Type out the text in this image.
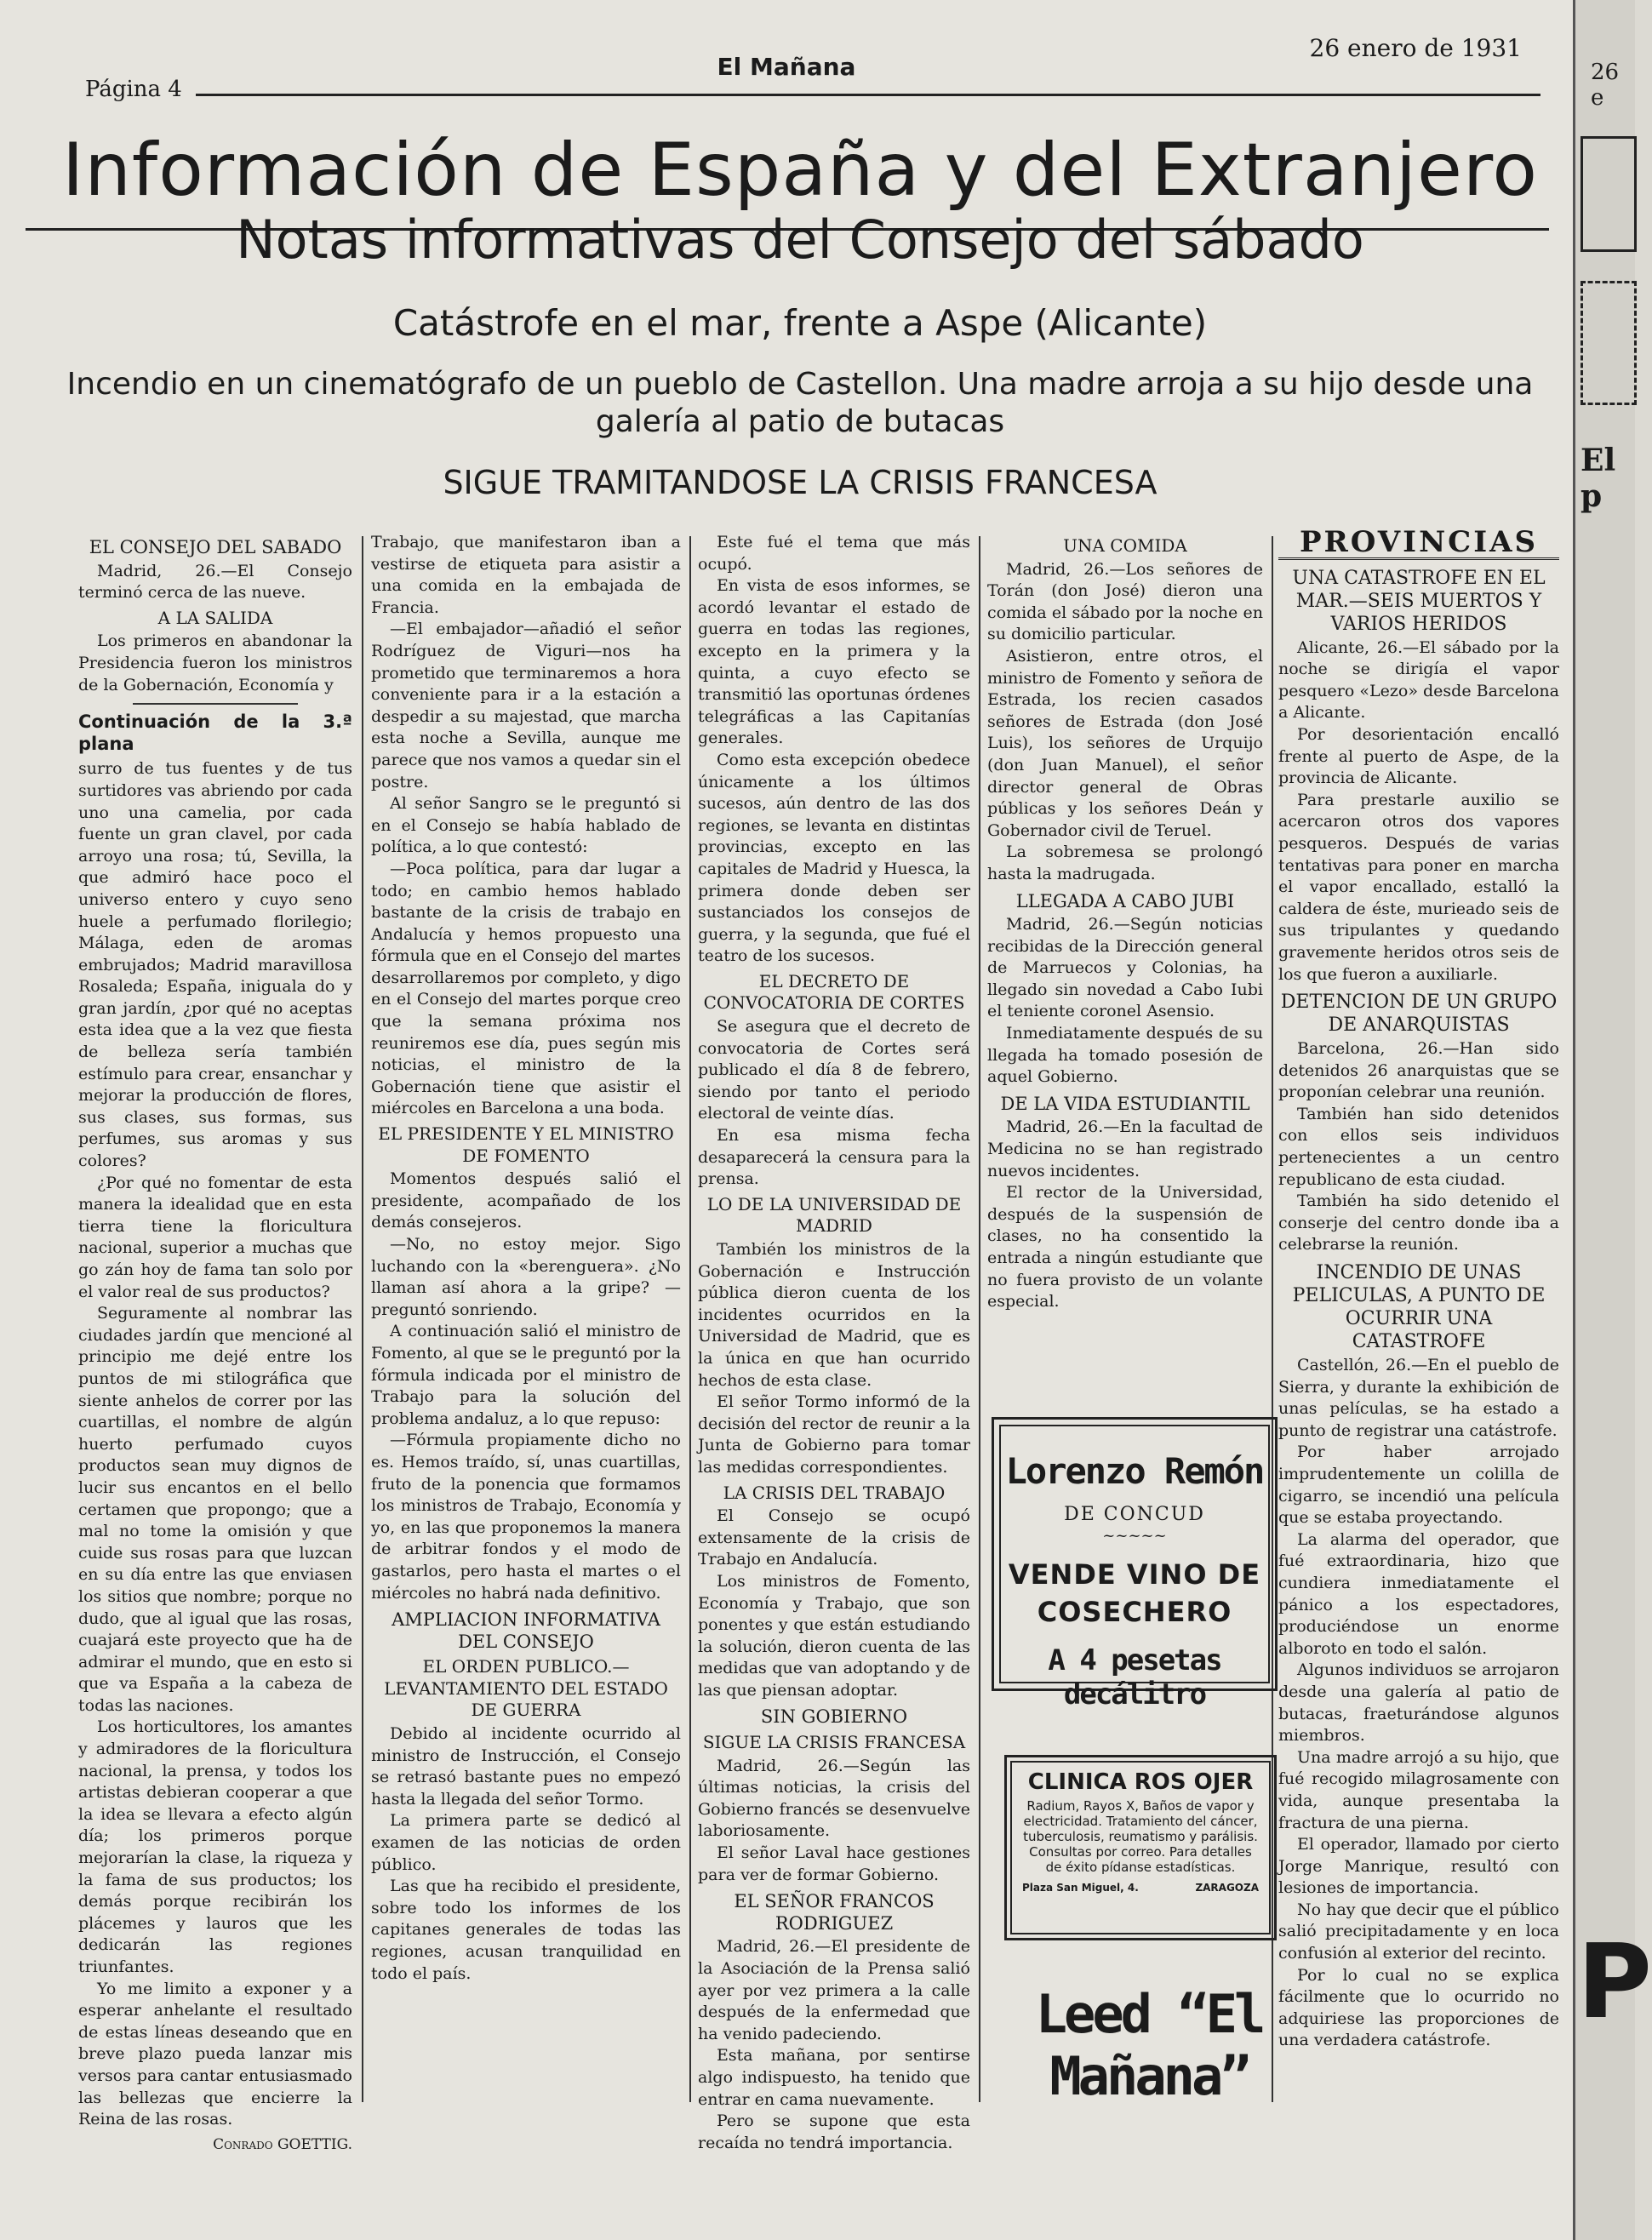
Página 4
El Mañana
26 enero de 1931
Información de España y del Extranjero
Notas informativas del Consejo del sábado
Catástrofe en el mar, frente a Aspe (Alicante)
Incendio en un cinematógrafo de un pueblo de Castellon. Una madre arroja a su hijo desde una galería al patio de butacas
SIGUE TRAMITANDOSE LA CRISIS FRANCESA

EL CONSEJO DEL SABADO

Madrid, 26.—El Consejo terminó cerca de las nueve.

A LA SALIDA

Los primeros en abandonar la Presidencia fueron los ministros de la Gobernación, Economía y

Continuación de la 3.ª plana

surro de tus fuentes y de tus surtidores vas abriendo por cada uno una camelia, por cada fuente un gran clavel, por cada arroyo una rosa; tú, Sevilla, la que admiró hace poco el universo entero y cuyo seno huele a perfumado florilegio; Málaga, eden de aromas embrujados; Madrid maravillosa Rosaleda; España, iniguala do y gran jardín, ¿por qué no aceptas esta idea que a la vez que fiesta de belleza sería también estímulo para crear, ensanchar y mejorar la producción de flores, sus clases, sus formas, sus perfumes, sus aromas y sus colores?

¿Por qué no fomentar de esta manera la idealidad que en esta tierra tiene la floricultura nacional, superior a muchas que go zán hoy de fama tan solo por el valor real de sus productos?

Seguramente al nombrar las ciudades jardín que mencioné al principio me dejé entre los puntos de mi stilográfica que siente anhelos de correr por las cuartillas, el nombre de algún huerto perfumado cuyos productos sean muy dignos de lucir sus encantos en el bello certamen que propongo; que a mal no tome la omisión y que cuide sus rosas para que luzcan en su día entre las que enviasen los sitios que nombre; porque no dudo, que al igual que las rosas, cuajará este proyecto que ha de admirar el mundo, que en esto si que va España a la cabeza de todas las naciones.

Los horticultores, los amantes y admiradores de la floricultura nacional, la prensa, y todos los artistas debieran cooperar a que la idea se llevara a efecto algún día; los primeros porque mejorarían la clase, la riqueza y la fama de sus productos; los demás porque recibirán los plácemes y lauros que les dedicarán las regiones triunfantes.

Yo me limito a exponer y a esperar anhelante el resultado de estas líneas deseando que en breve plazo pueda lanzar mis versos para cantar entusiasmado las bellezas que encierre la Reina de las rosas.

Conrado GOETTIG.

Trabajo, que manifestaron iban a vestirse de etiqueta para asistir a una comida en la embajada de Francia.

—El embajador—añadió el señor Rodríguez de Viguri—nos ha prometido que terminaremos a hora conveniente para ir a la estación a despedir a su majestad, que marcha esta noche a Sevilla, aunque me parece que nos vamos a quedar sin el postre.

Al señor Sangro se le preguntó si en el Consejo se había hablado de política, a lo que contestó:

—Poca política, para dar lugar a todo; en cambio hemos hablado bastante de la crisis de trabajo en Andalucía y hemos propuesto una fórmula que en el Consejo del martes desarrollaremos por completo, y digo en el Consejo del martes porque creo que la semana próxima nos reuniremos ese día, pues según mis noticias, el ministro de la Gobernación tiene que asistir el miércoles en Barcelona a una boda.

EL PRESIDENTE Y EL MINISTRO DE FOMENTO

Momentos después salió el presidente, acompañado de los demás consejeros.

—No, no estoy mejor. Sigo luchando con la «berenguera». ¿No llaman así ahora a la gripe? —preguntó sonriendo.

A continuación salió el ministro de Fomento, al que se le preguntó por la fórmula indicada por el ministro de Trabajo para la solución del problema andaluz, a lo que repuso:

—Fórmula propiamente dicho no es. Hemos traído, sí, unas cuartillas, fruto de la ponencia que formamos los ministros de Trabajo, Economía y yo, en las que proponemos la manera de arbitrar fondos y el modo de gastarlos, pero hasta el martes o el miércoles no habrá nada definitivo.

AMPLIACION INFORMATIVA DEL CONSEJO

EL ORDEN PUBLICO.—LEVANTAMIENTO DEL ESTADO DE GUERRA

Debido al incidente ocurrido al ministro de Instrucción, el Consejo se retrasó bastante pues no empezó hasta la llegada del señor Tormo.

La primera parte se dedicó al examen de las noticias de orden público.

Las que ha recibido el presidente, sobre todo los informes de los capitanes generales de todas las regiones, acusan tranquilidad en todo el país.

Este fué el tema que más ocupó.

En vista de esos informes, se acordó levantar el estado de guerra en todas las regiones, excepto en la primera y la quinta, a cuyo efecto se transmitió las oportunas órdenes telegráficas a las Capitanías generales.

Como esta excepción obedece únicamente a los últimos sucesos, aún dentro de las dos regiones, se levanta en distintas provincias, excepto en las capitales de Madrid y Huesca, la primera donde deben ser sustanciados los consejos de guerra, y la segunda, que fué el teatro de los sucesos.

EL DECRETO DE CONVOCATORIA DE CORTES

Se asegura que el decreto de convocatoria de Cortes será publicado el día 8 de febrero, siendo por tanto el periodo electoral de veinte días.

En esa misma fecha desaparecerá la censura para la prensa.

LO DE LA UNIVERSIDAD DE MADRID

También los ministros de la Gobernación e Instrucción pública dieron cuenta de los incidentes ocurridos en la Universidad de Madrid, que es la única en que han ocurrido hechos de esta clase.

El señor Tormo informó de la decisión del rector de reunir a la Junta de Gobierno para tomar las medidas correspondientes.

LA CRISIS DEL TRABAJO

El Consejo se ocupó extensamente de la crisis de Trabajo en Andalucía.

Los ministros de Fomento, Economía y Trabajo, que son ponentes y que están estudiando la solución, dieron cuenta de las medidas que van adoptando y de las que piensan adoptar.

SIN GOBIERNO

SIGUE LA CRISIS FRANCESA

Madrid, 26.—Según las últimas noticias, la crisis del Gobierno francés se desenvuelve laboriosamente.

El señor Laval hace gestiones para ver de formar Gobierno.

EL SEÑOR FRANCOS RODRIGUEZ

Madrid, 26.—El presidente de la Asociación de la Prensa salió ayer por vez primera a la calle después de la enfermedad que ha venido padeciendo.

Esta mañana, por sentirse algo indispuesto, ha tenido que entrar en cama nuevamente.

Pero se supone que esta recaída no tendrá importancia.

UNA COMIDA

Madrid, 26.—Los señores de Torán (don José) dieron una comida el sábado por la noche en su domicilio particular.

Asistieron, entre otros, el ministro de Fomento y señora de Estrada, los recien casados señores de Estrada (don José Luis), los señores de Urquijo (don Juan Manuel), el señor director general de Obras públicas y los señores Deán y Gobernador civil de Teruel.

La sobremesa se prolongó hasta la madrugada.

LLEGADA A CABO JUBI

Madrid, 26.—Según noticias recibidas de la Dirección general de Marruecos y Colonias, ha llegado sin novedad a Cabo Iubi el teniente coronel Asensio.

Inmediatamente después de su llegada ha tomado posesión de aquel Gobierno.

DE LA VIDA ESTUDIANTIL

Madrid, 26.—En la facultad de Medicina no se han registrado nuevos incidentes.

El rector de la Universidad, después de la suspensión de clases, no ha consentido la entrada a ningún estudiante que no fuera provisto de un volante especial.

Lorenzo Remón
DE CONCUD
~~~~~
VENDE VINO DE
COSECHERO
A 4 pesetas decálitro
CLINICA ROS OJER
Radium, Rayos X, Baños de vapor y electricidad. Tratamiento del cáncer, tuberculosis, reumatismo y parálisis. Consultas por correo. Para detalles de éxito pídanse estadísticas.
Plaza San Miguel, 4.	ZARAGOZA
Leed “El Mañana”

PROVINCIAS

UNA CATASTROFE EN EL MAR.—SEIS MUERTOS Y VARIOS HERIDOS

Alicante, 26.—El sábado por la noche se dirigía el vapor pesquero «Lezo» desde Barcelona a Alicante.

Por desorientación encalló frente al puerto de Aspe, de la provincia de Alicante.

Para prestarle auxilio se acercaron otros dos vapores pesqueros. Después de varias tentativas para poner en marcha el vapor encallado, estalló la caldera de éste, murieado seis de sus tripulantes y quedando gravemente heridos otros seis de los que fueron a auxiliarle.

DETENCION DE UN GRUPO DE ANARQUISTAS

Barcelona, 26.—Han sido detenidos 26 anarquistas que se proponían celebrar una reunión.

También han sido detenidos con ellos seis individuos pertenecientes a un centro republicano de esta ciudad.

También ha sido detenido el conserje del centro donde iba a celebrarse la reunión.

INCENDIO DE UNAS PELICULAS, A PUNTO DE OCURRIR UNA CATASTROFE

Castellón, 26.—En el pueblo de Sierra, y durante la exhibición de unas películas, se ha estado a punto de registrar una catástrofe.

Por haber arrojado imprudentemente un colilla de cigarro, se incendió una película que se estaba proyectando.

La alarma del operador, que fué extraordinaria, hizo que cundiera inmediatamente el pánico a los espectadores, produciéndose un enorme alboroto en todo el salón.

Algunos individuos se arrojaron desde una galería al patio de butacas, fraeturándose algunos miembros.

Una madre arrojó a su hijo, que fué recogido milagrosamente con vida, aunque presentaba la fractura de una pierna.

El operador, llamado por cierto Jorge Manrique, resultó con lesiones de importancia.

No hay que decir que el público salió precipitadamente y en loca confusión al exterior del recinto.

Por lo cual no se explica fácilmente que lo ocurrido no adquiriese las proporciones de una verdadera catástrofe.

26 e
El p
P
